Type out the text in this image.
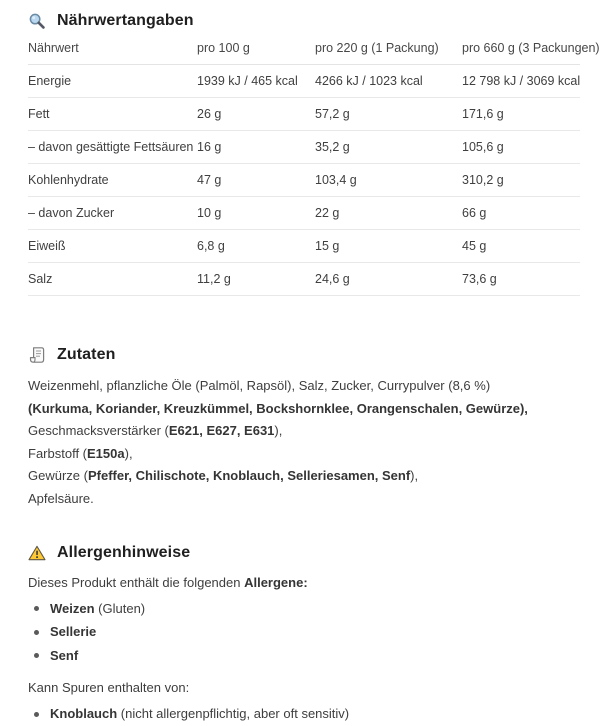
Nährwertangaben
Nährwert	pro 100 g	pro 220 g (1 Packung)	pro 660 g (3 Packungen)
Energie	1939 kJ / 465 kcal	4266 kJ / 1023 kcal	12 798 kJ / 3069 kcal
Fett	26 g	57,2 g	171,6 g
– davon gesättigte Fettsäuren	16 g	35,2 g	105,6 g
Kohlenhydrate	47 g	103,4 g	310,2 g
– davon Zucker	10 g	22 g	66 g
Eiweiß	6,8 g	15 g	45 g
Salz	11,2 g	24,6 g	73,6 g
Zutaten
Weizenmehl, pflanzliche Öle (Palmöl, Rapsöl), Salz, Zucker, Currypulver (8,6 %)
(Kurkuma, Koriander, Kreuzkümmel, Bockshornklee, Orangenschalen, Gewürze),
Geschmacksverstärker (E621, E627, E631),
Farbstoff (E150a),
Gewürze (Pfeffer, Chilischote, Knoblauch, Selleriesamen, Senf),
Apfelsäure.
Allergenhinweise

Dieses Produkt enthält die folgenden Allergene:

Weizen (Gluten)
Sellerie
Senf

Kann Spuren enthalten von:

Knoblauch (nicht allergenpflichtig, aber oft sensitiv)
